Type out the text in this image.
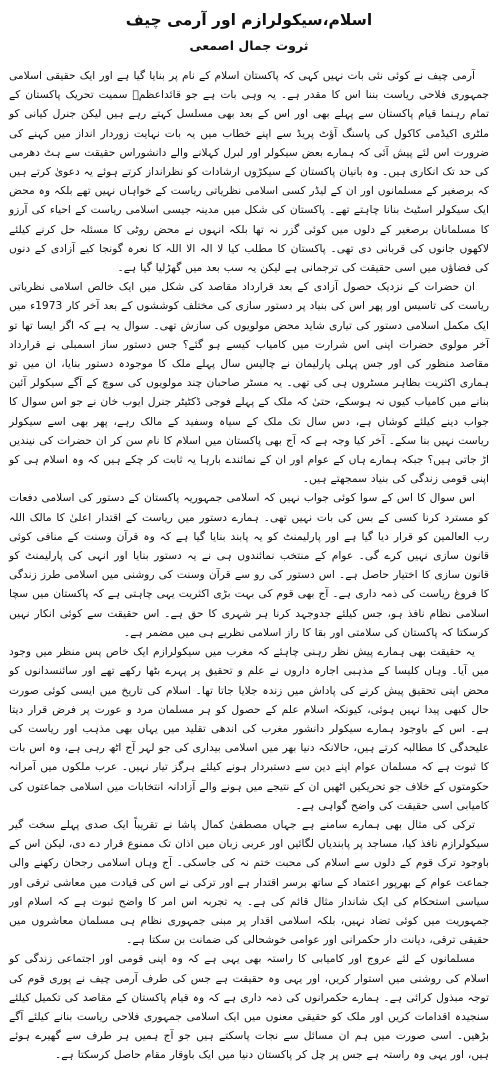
اسلام،سیکولرازم اور آرمی چیف
ثروت جمال اصمعی

آرمی چیف نے کوئی نئی بات نہیں کہی کہ پاکستان اسلام کے نام پر بنایا گیا ہے اور ایک حقیقی اسلامی جمہوری فلاحی ریاست بننا اس کا مقدر ہے۔ یہ وہی بات ہے جو قائداعظمؒ سمیت تحریک پاکستان کے تمام رہنما قیام پاکستان سے پہلے بھی اور اس کے بعد بھی مسلسل کہتے رہے ہیں لیکن جنرل کیانی کو ملٹری اکیڈمی کاکول کی پاسنگ آؤٹ پریڈ سے اپنے خطاب میں یہ بات نہایت زوردار انداز میں کہنے کی ضرورت اس لئے پیش آئی کہ ہمارے بعض سیکولر اور لبرل کہلانے والے دانشوراس حقیقت سے ہٹ دھرمی کی حد تک انکاری ہیں۔ وہ بانیان پاکستان کے سیکڑوں ارشادات کو نظرانداز کرتے ہوئے یہ دعویٰ کرتے ہیں کہ برصغیر کے مسلمانوں اور ان کے لیڈر کسی اسلامی نظریاتی ریاست کے خواہاں نہیں تھے بلکہ وہ محض ایک سیکولر اسٹیٹ بنانا چاہتے تھے۔ پاکستان کی شکل میں مدینہ جیسی اسلامی ریاست کے احیاء کی آرزو کا مسلمانان برصغیر کے دلوں میں کوئی گزر نہ تھا بلکہ انہوں نے محض روٹی کا مسئلہ حل کرنے کیلئے لاکھوں جانوں کی قربانی دی تھی۔ پاکستان کا مطلب کیا لا الہ الا اللہ کا نعرہ گونجا کیے آزادی کے دنوں کی فضاؤں میں اسی حقیقت کی ترجمانی ہے لیکن یہ سب بعد میں گھڑلیا گیا ہے۔

ان حضرات کے نزدیک حصول آزادی کے بعد قرارداد مقاصد کی شکل میں ایک خالص اسلامی نظریاتی ریاست کی تاسیس اور پھر اس کی بنیاد پر دستور سازی کی مختلف کوششوں کے بعد آخر کار 1973ء میں ایک مکمل اسلامی دستور کی تیاری شاید محض مولویوں کی سازش تھی۔ سوال یہ ہے کہ اگر ایسا تھا تو آخر مولوی حضرات اپنی اس شرارت میں کامیاب کیسے ہو گئے؟ جس دستور ساز اسمبلی نے قرارداد مقاصد منظور کی اور جس پہلی پارلیمان نے چالیس سال پہلے ملک کا موجودہ دستور بنایا، ان میں تو ہماری اکثریت بظاہر مسٹروں ہی کی تھی۔ یہ مسٹر صاحبان چند مولویوں کی سوچ کے آگے سیکولر آئین بنانے میں کامیاب کیوں نہ ہوسکے، حتیٰ کہ ملک کے پہلے فوجی ڈکٹیٹر جنرل ایوب خان نے جو اس سوال کا جواب دینے کیلئے کوشاں ہے، دس سال تک ملک کے سیاہ وسفید کے مالک رہے، پھر بھی اسے سیکولر ریاست نہیں بنا سکے۔ آخر کیا وجہ ہے کہ آج بھی پاکستان میں اسلام کا نام سن کر ان حضرات کی نیندیں اڑ جاتی ہیں؟ جبکہ ہمارے ہاں کے عوام اور ان کے نمائندے بارہا یہ ثابت کر چکے ہیں کہ وہ اسلام ہی کو اپنی قومی زندگی کی بنیاد سمجھتے ہیں۔

اس سوال کا اس کے سوا کوئی جواب نہیں کہ اسلامی جمہوریہ پاکستان کے دستور کی اسلامی دفعات کو مسترد کرنا کسی کے بس کی بات نہیں تھی۔ ہمارے دستور میں ریاست کے اقتدار اعلیٰ کا مالک اللہ رب العالمین کو قرار دیا گیا ہے اور پارلیمنٹ کو یہ پابند بنایا گیا ہے کہ وہ قرآن وسنت کے منافی کوئی قانون سازی نہیں کرے گی۔ عوام کے منتخب نمائندوں ہی نے یہ دستور بنایا اور انہی کی پارلیمنٹ کو قانون سازی کا اختیار حاصل ہے۔ اس دستور کی رو سے قرآن وسنت کی روشنی میں اسلامی طرز زندگی کا فروغ ریاست کی ذمہ داری ہے۔ آج بھی قوم کی بہت بڑی اکثریت یہی چاہتی ہے کہ پاکستان میں سچا اسلامی نظام نافذ ہو، جس کیلئے جدوجہد کرنا ہر شہری کا حق ہے۔ اس حقیقت سے کوئی انکار نہیں کرسکتا کہ پاکستان کی سلامتی اور بقا کا راز اسلامی نظریے ہی میں مضمر ہے۔

یہ حقیقت بھی ہمارے پیش نظر رہنی چاہئے کہ مغرب میں سیکولرازم ایک خاص پس منظر میں وجود میں آیا۔ وہاں کلیسا کے مذہبی اجارہ داروں نے علم و تحقیق پر پہرے بٹھا رکھے تھے اور سائنسدانوں کو محض اپنی تحقیق پیش کرنے کی پاداش میں زندہ جلایا جاتا تھا۔ اسلام کی تاریخ میں ایسی کوئی صورت حال کبھی پیدا نہیں ہوئی، کیونکہ اسلام علم کے حصول کو ہر مسلمان مرد و عورت پر فرض قرار دیتا ہے۔ اس کے باوجود ہمارے سیکولر دانشور مغرب کی اندھی تقلید میں یہاں بھی مذہب اور ریاست کی علیحدگی کا مطالبہ کرتے ہیں، حالانکہ دنیا بھر میں اسلامی بیداری کی جو لہر آج اٹھ رہی ہے، وہ اس بات کا ثبوت ہے کہ مسلمان عوام اپنے دین سے دستبردار ہونے کیلئے ہرگز تیار نہیں۔ عرب ملکوں میں آمرانہ حکومتوں کے خلاف جو تحریکیں اٹھیں ان کے نتیجے میں ہونے والے آزادانہ انتخابات میں اسلامی جماعتوں کی کامیابی اسی حقیقت کی واضح گواہی ہے۔

ترکی کی مثال بھی ہمارے سامنے ہے جہاں مصطفیٰ کمال پاشا نے تقریباً ایک صدی پہلے سخت گیر سیکولرازم نافذ کیا، مساجد پر پابندیاں لگائیں اور عربی زبان میں اذان تک ممنوع قرار دے دی، لیکن اس کے باوجود ترک قوم کے دلوں سے اسلام کی محبت ختم نہ کی جاسکی۔ آج وہاں اسلامی رجحان رکھنے والی جماعت عوام کے بھرپور اعتماد کے ساتھ برسر اقتدار ہے اور ترکی نے اس کی قیادت میں معاشی ترقی اور سیاسی استحکام کی ایک شاندار مثال قائم کی ہے۔ یہ تجربہ اس امر کا واضح ثبوت ہے کہ اسلام اور جمہوریت میں کوئی تضاد نہیں، بلکہ اسلامی اقدار پر مبنی جمہوری نظام ہی مسلمان معاشروں میں حقیقی ترقی، دیانت دار حکمرانی اور عوامی خوشحالی کی ضمانت بن سکتا ہے۔

مسلمانوں کے لئے عروج اور کامیابی کا راستہ بھی یہی ہے کہ وہ اپنی قومی اور اجتماعی زندگی کو اسلام کی روشنی میں استوار کریں، اور یہی وہ حقیقت ہے جس کی طرف آرمی چیف نے پوری قوم کی توجہ مبذول کرائی ہے۔ ہمارے حکمرانوں کی ذمہ داری ہے کہ وہ قیام پاکستان کے مقاصد کی تکمیل کیلئے سنجیدہ اقدامات کریں اور ملک کو حقیقی معنوں میں ایک اسلامی جمہوری فلاحی ریاست بنانے کیلئے آگے بڑھیں۔ اسی صورت میں ہم ان مسائل سے نجات پاسکتے ہیں جو آج ہمیں ہر طرف سے گھیرے ہوئے ہیں، اور یہی وہ راستہ ہے جس پر چل کر پاکستان دنیا میں ایک باوقار مقام حاصل کرسکتا ہے۔
